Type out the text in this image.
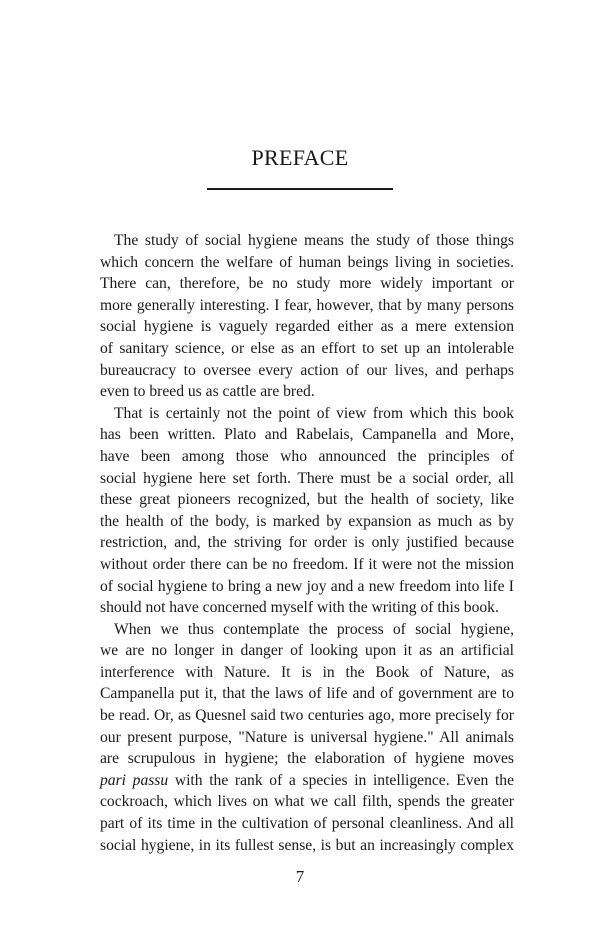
PREFACE

The study of social hygiene means the study of those things
which concern the welfare of human beings living in societies.
There can, therefore, be no study more widely important or
more generally interesting. I fear, however, that by many persons
social hygiene is vaguely regarded either as a mere extension
of sanitary science, or else as an effort to set up an intolerable
bureaucracy to oversee every action of our lives, and perhaps
even to breed us as cattle are bred.

That is certainly not the point of view from which this book
has been written. Plato and Rabelais, Campanella and More,
have been among those who announced the principles of
social hygiene here set forth. There must be a social order, all
these great pioneers recognized, but the health of society, like
the health of the body, is marked by expansion as much as by
restriction, and, the striving for order is only justified because
without order there can be no freedom. If it were not the mission
of social hygiene to bring a new joy and a new freedom into life I
should not have concerned myself with the writing of this book.

When we thus contemplate the process of social hygiene,
we are no longer in danger of looking upon it as an artificial
interference with Nature. It is in the Book of Nature, as
Campanella put it, that the laws of life and of government are to
be read. Or, as Quesnel said two centuries ago, more precisely for
our present purpose, "Nature is universal hygiene." All animals
are scrupulous in hygiene; the elaboration of hygiene moves
pari passu with the rank of a species in intelligence. Even the
cockroach, which lives on what we call filth, spends the greater
part of its time in the cultivation of personal cleanliness. And all
social hygiene, in its fullest sense, is but an increasingly complex

7
